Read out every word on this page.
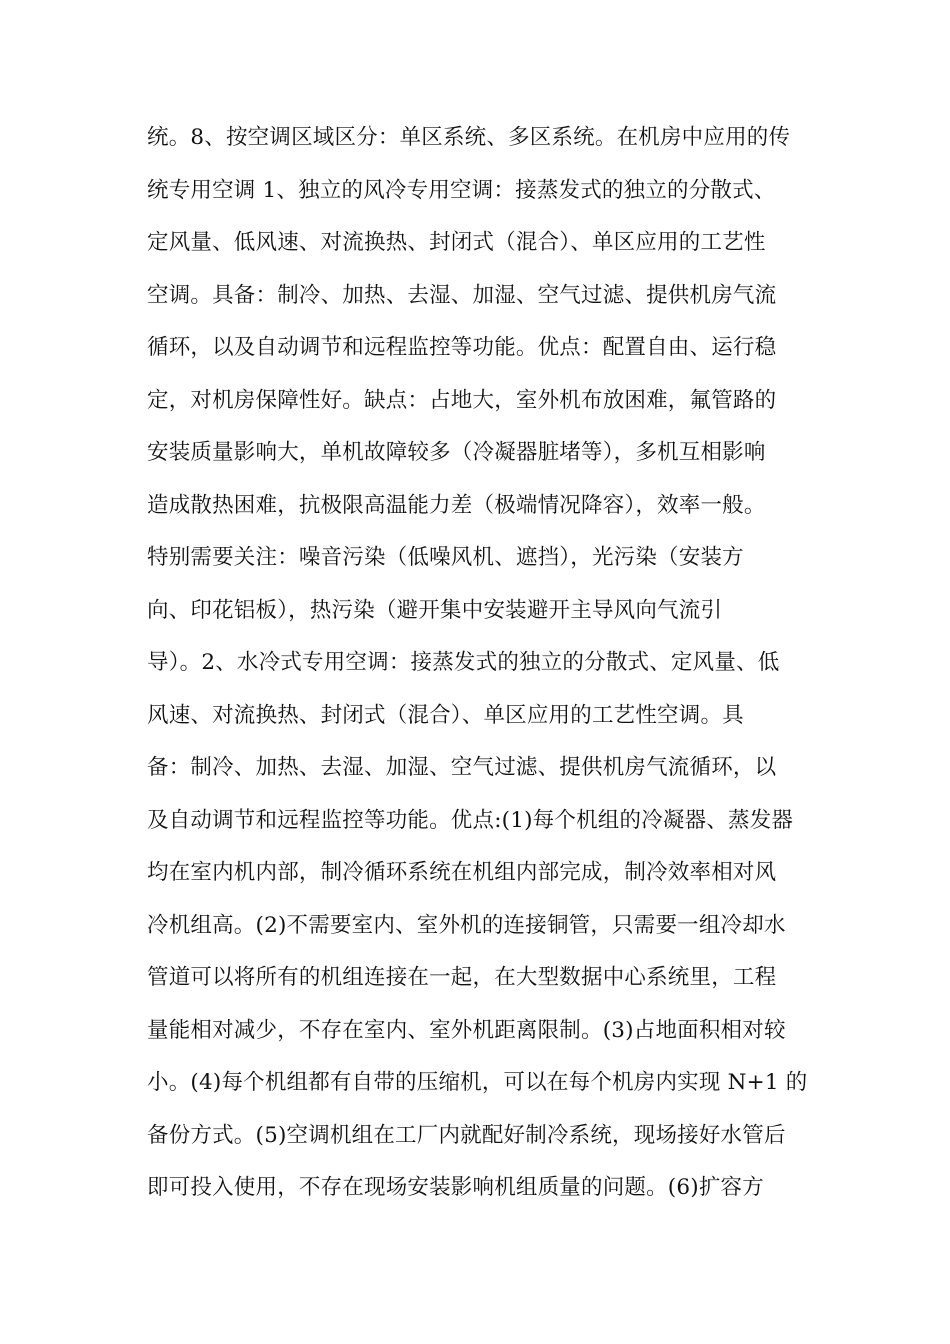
统。8、按空调区域区分：单区系统、多区系统。在机房中应用的传
统专用空调 1、独立的风冷专用空调：接蒸发式的独立的分散式、
定风量、低风速、对流换热、封闭式（混合）、单区应用的工艺性
空调。具备：制冷、加热、去湿、加湿、空气过滤、提供机房气流
循环，以及自动调节和远程监控等功能。优点：配置自由、运行稳
定，对机房保障性好。缺点：占地大，室外机布放困难，氟管路的
安装质量影响大，单机故障较多（冷凝器脏堵等），多机互相影响
造成散热困难，抗极限高温能力差（极端情况降容），效率一般。
特别需要关注：噪音污染（低噪风机、遮挡），光污染（安装方
向、印花铝板），热污染（避开集中安装避开主导风向气流引
导）。2、水冷式专用空调：接蒸发式的独立的分散式、定风量、低
风速、对流换热、封闭式（混合）、单区应用的工艺性空调。具
备：制冷、加热、去湿、加湿、空气过滤、提供机房气流循环，以
及自动调节和远程监控等功能。优点:(1)每个机组的冷凝器、蒸发器
均在室内机内部，制冷循环系统在机组内部完成，制冷效率相对风
冷机组高。(2)不需要室内、室外机的连接铜管，只需要一组冷却水
管道可以将所有的机组连接在一起，在大型数据中心系统里，工程
量能相对减少，不存在室内、室外机距离限制。(3)占地面积相对较
小。(4)每个机组都有自带的压缩机，可以在每个机房内实现 N+1 的
备份方式。(5)空调机组在工厂内就配好制冷系统，现场接好水管后
即可投入使用，不存在现场安装影响机组质量的问题。(6)扩容方
